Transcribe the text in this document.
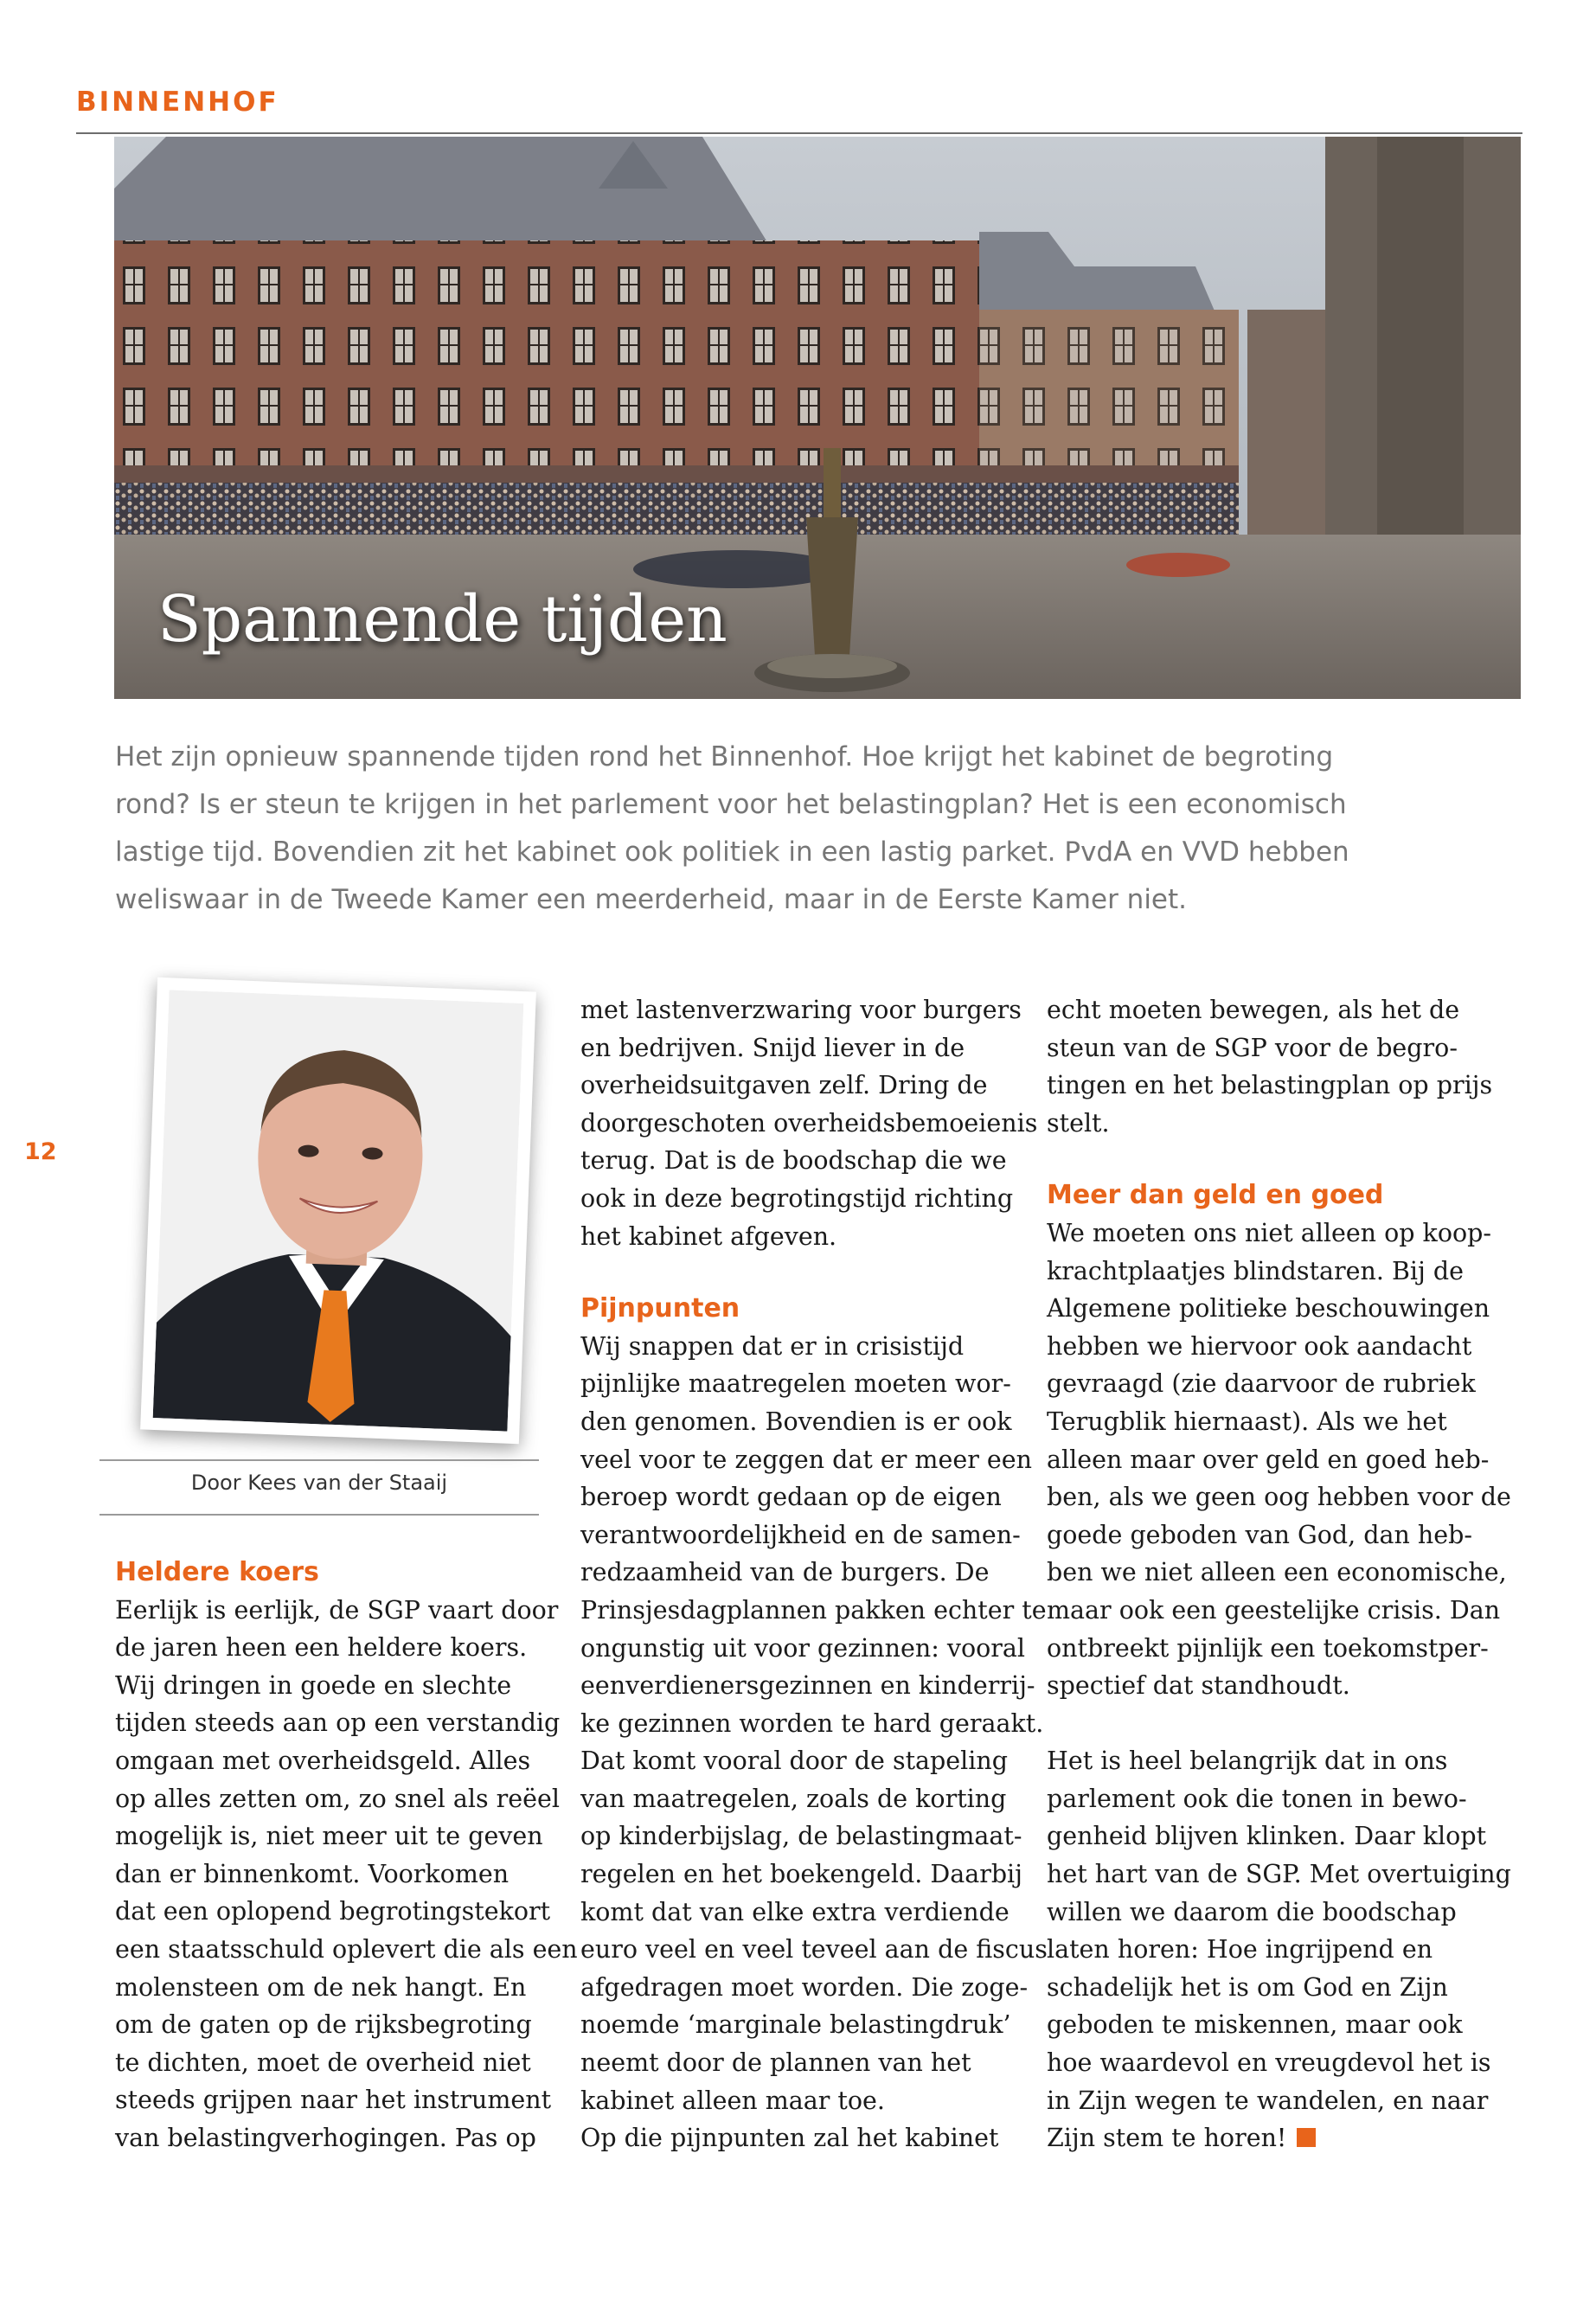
BINNENHOF
Spannende tijden

Het zijn opnieuw spannende tijden rond het Binnenhof. Hoe krijgt het kabinet de begroting
rond? Is er steun te krijgen in het parlement voor het belastingplan? Het is een economisch
lastige tijd. Bovendien zit het kabinet ook politiek in een lastig parket. PvdA en VVD hebben
weliswaar in de Tweede Kamer een meerderheid, maar in de Eerste Kamer niet.

12
Door Kees van der Staaij
Heldere koers
Eerlijk is eerlijk, de SGP vaart door
de jaren heen een heldere koers.
Wij dringen in goede en slechte
tijden steeds aan op een verstandig
omgaan met overheidsgeld. Alles
op alles zetten om, zo snel als reëel
mogelijk is, niet meer uit te geven
dan er binnenkomt. Voorkomen
dat een oplopend begrotingstekort
een staatsschuld oplevert die als een
molensteen om de nek hangt. En
om de gaten op de rijksbegroting
te dichten, moet de overheid niet
steeds grijpen naar het instrument
van belastingverhogingen. Pas op
met lastenverzwaring voor burgers
en bedrijven. Snijd liever in de
overheidsuitgaven zelf. Dring de
doorgeschoten overheidsbemoeienis
terug. Dat is de boodschap die we
ook in deze begrotingstijd richting
het kabinet afgeven.
Pijnpunten
Wij snappen dat er in crisistijd
pijnlijke maatregelen moeten wor-
den genomen. Bovendien is er ook
veel voor te zeggen dat er meer een
beroep wordt gedaan op de eigen
verantwoordelijkheid en de samen-
redzaamheid van de burgers. De
Prinsjesdagplannen pakken echter te
ongunstig uit voor gezinnen: vooral
eenverdienersgezinnen en kinderrij-
ke gezinnen worden te hard geraakt.
Dat komt vooral door de stapeling
van maatregelen, zoals de korting
op kinderbijslag, de belastingmaat-
regelen en het boekengeld. Daarbij
komt dat van elke extra verdiende
euro veel en veel teveel aan de fiscus
afgedragen moet worden. Die zoge-
noemde ‘marginale belastingdruk’
neemt door de plannen van het
kabinet alleen maar toe.
Op die pijnpunten zal het kabinet
echt moeten bewegen, als het de
steun van de SGP voor de begro-
tingen en het belastingplan op prijs
stelt.
Meer dan geld en goed
We moeten ons niet alleen op koop-
krachtplaatjes blindstaren. Bij de
Algemene politieke beschouwingen
hebben we hiervoor ook aandacht
gevraagd (zie daarvoor de rubriek
Terugblik hiernaast). Als we het
alleen maar over geld en goed heb-
ben, als we geen oog hebben voor de
goede geboden van God, dan heb-
ben we niet alleen een economische,
maar ook een geestelijke crisis. Dan
ontbreekt pijnlijk een toekomstper-
spectief dat standhoudt.
Het is heel belangrijk dat in ons
parlement ook die tonen in bewo-
genheid blijven klinken. Daar klopt
het hart van de SGP. Met overtuiging
willen we daarom die boodschap
laten horen: Hoe ingrijpend en
schadelijk het is om God en Zijn
geboden te miskennen, maar ook
hoe waardevol en vreugdevol het is
in Zijn wegen te wandelen, en naar
Zijn stem te horen!
